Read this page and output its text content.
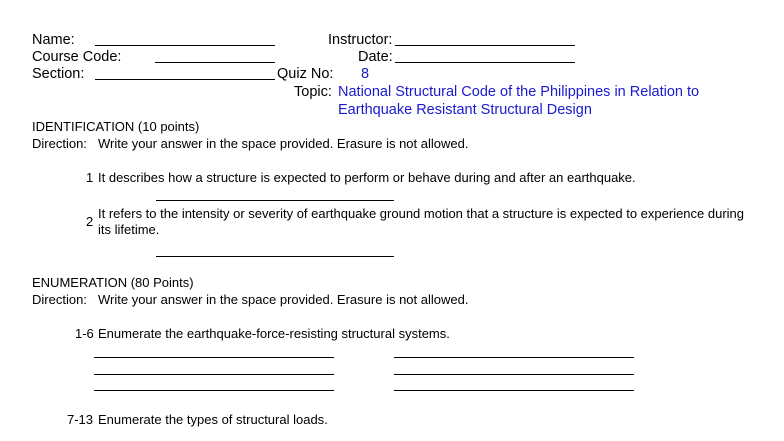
Name:	Instructor:
Course Code:	Date:
Section:	Quiz No: 8
Topic: National Structural Code of the Philippines in Relation to
Earthquake Resistant Structural Design
IDENTIFICATION (10 points)
Direction: Write your answer in the space provided. Erasure is not allowed.
1 It describes how a structure is expected to perform or behave during and after an earthquake.
2
It refers to the intensity or severity of earthquake ground motion that a structure is expected to experience during its lifetime.
ENUMERATION (80 Points)
Direction: Write your answer in the space provided. Erasure is not allowed.
1-6 Enumerate the earthquake-force-resisting structural systems.
7-13 Enumerate the types of structural loads.
